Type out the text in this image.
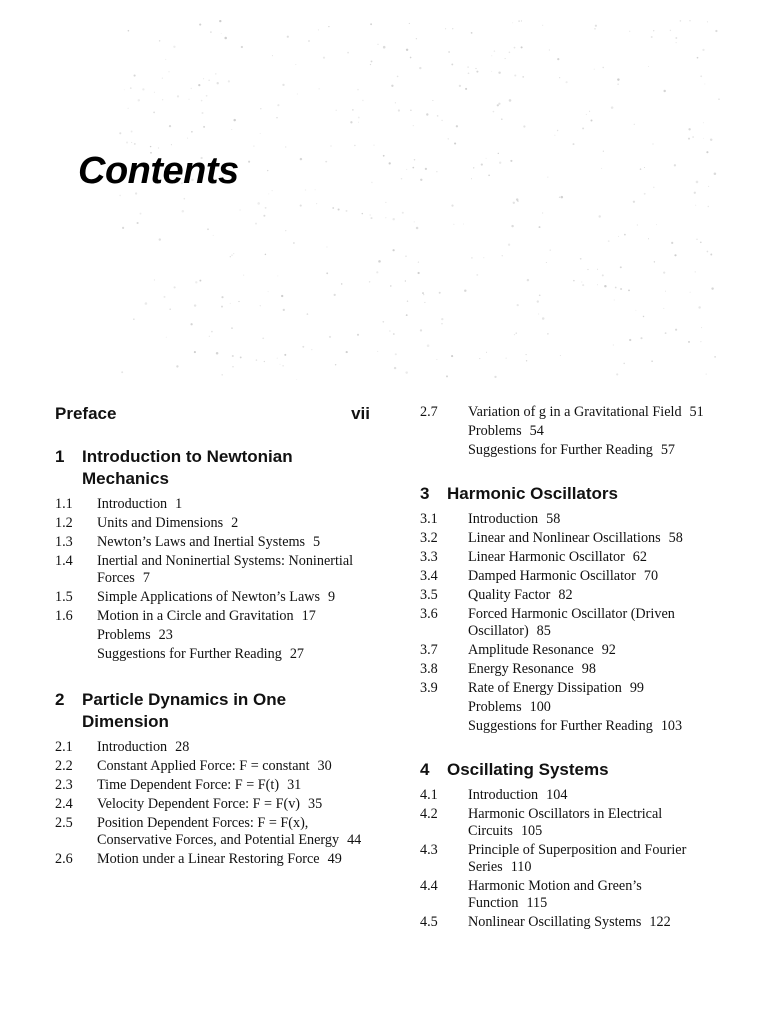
Contents
Preface	vii
1	Introduction to Newtonian Mechanics
1.1	Introduction 1
1.2	Units and Dimensions 2
1.3	Newton’s Laws and Inertial Systems 5
1.4	Inertial and Noninertial Systems: Noninertial Forces 7
1.5	Simple Applications of Newton’s Laws 9
1.6	Motion in a Circle and Gravitation 17
Problems 23
Suggestions for Further Reading 27
2	Particle Dynamics in One Dimension
2.1	Introduction 28
2.2	Constant Applied Force: F = constant 30
2.3	Time Dependent Force: F = F(t) 31
2.4	Velocity Dependent Force: F = F(v) 35
2.5	Position Dependent Forces: F = F(x), Conservative Forces, and Potential Energy 44
2.6	Motion under a Linear Restoring Force 49
2.7	Variation of g in a Gravitational Field 51
Problems 54
Suggestions for Further Reading 57
3	Harmonic Oscillators
3.1	Introduction 58
3.2	Linear and Nonlinear Oscillations 58
3.3	Linear Harmonic Oscillator 62
3.4	Damped Harmonic Oscillator 70
3.5	Quality Factor 82
3.6	Forced Harmonic Oscillator (Driven Oscillator) 85
3.7	Amplitude Resonance 92
3.8	Energy Resonance 98
3.9	Rate of Energy Dissipation 99
Problems 100
Suggestions for Further Reading 103
4	Oscillating Systems
4.1	Introduction 104
4.2	Harmonic Oscillators in Electrical Circuits 105
4.3	Principle of Superposition and Fourier Series 110
4.4	Harmonic Motion and Green’s Function 115
4.5	Nonlinear Oscillating Systems 122
